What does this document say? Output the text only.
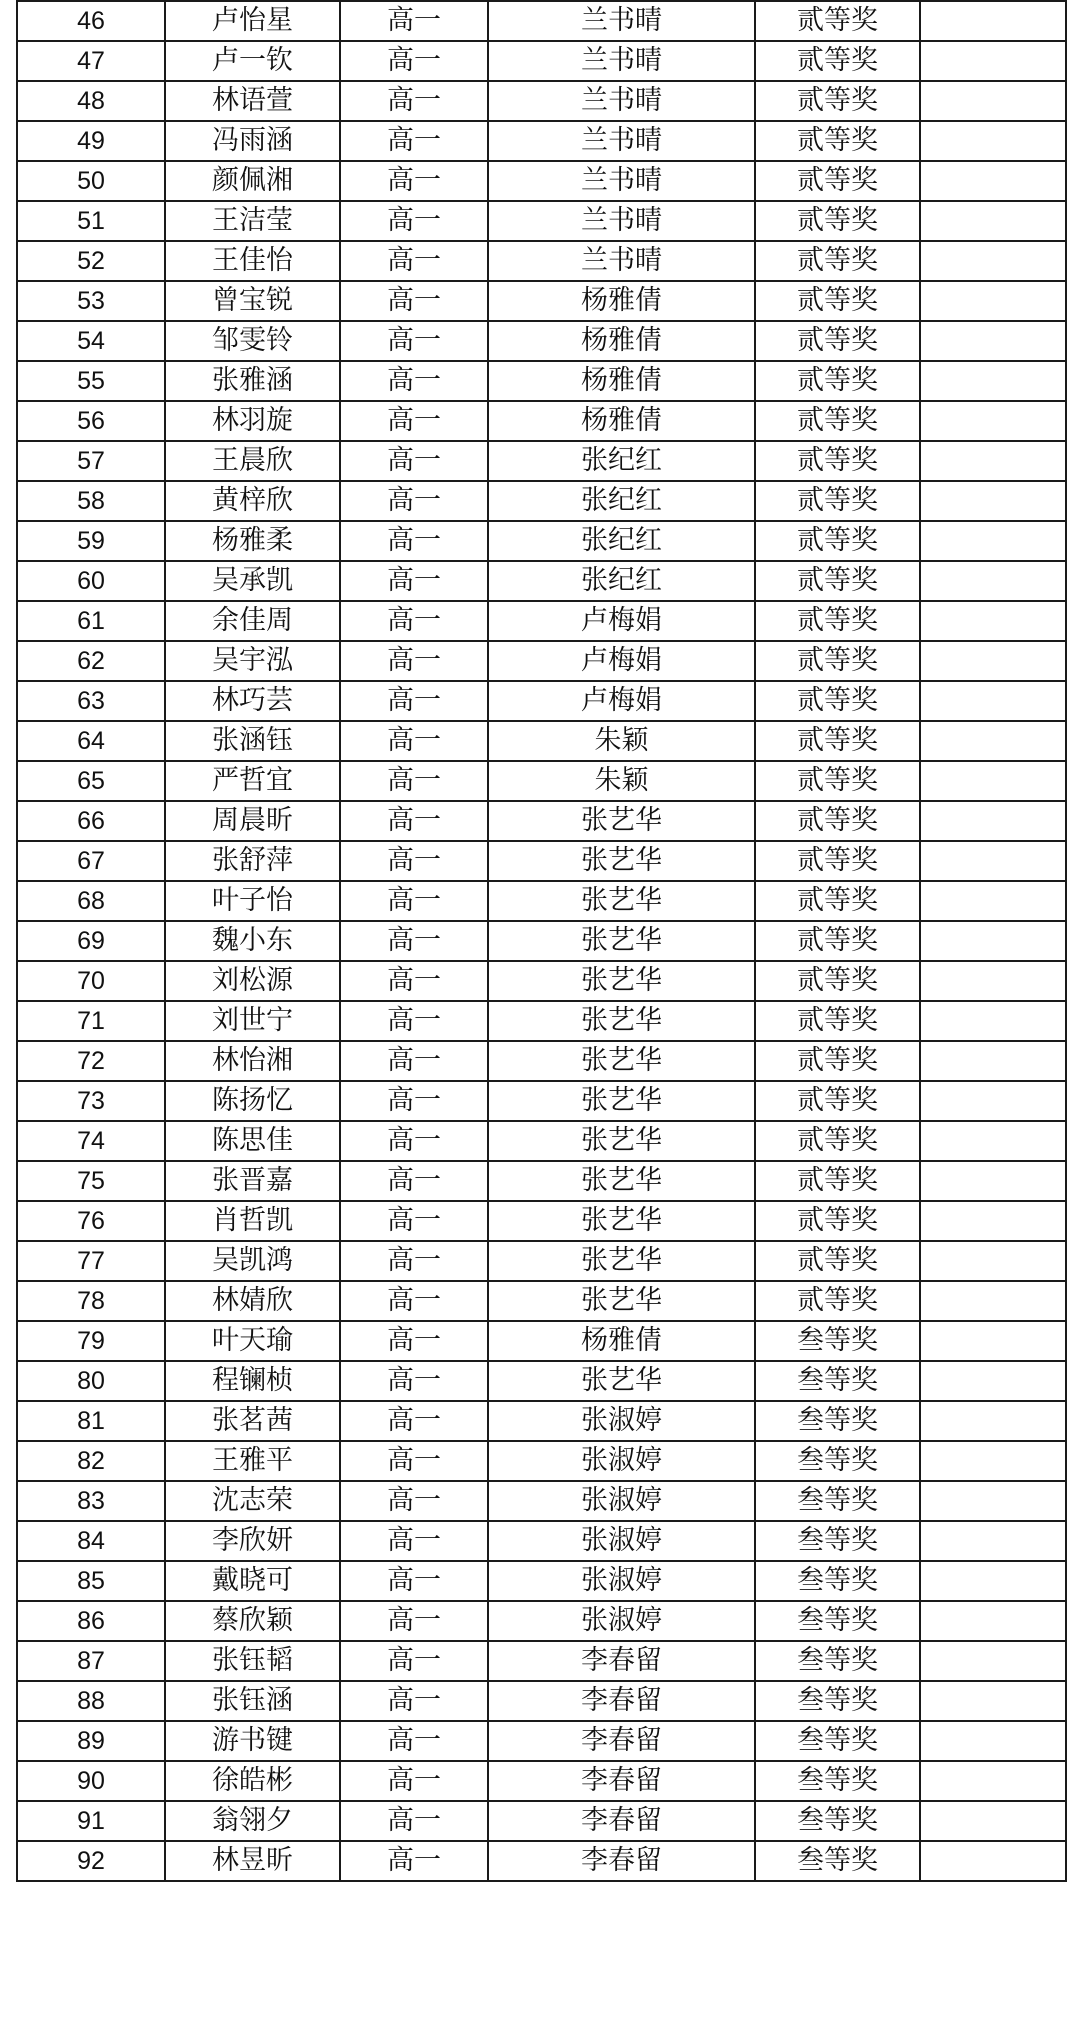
46	卢怡星	高一	兰书晴	贰等奖	
47	卢一钦	高一	兰书晴	贰等奖	
48	林语萱	高一	兰书晴	贰等奖	
49	冯雨涵	高一	兰书晴	贰等奖	
50	颜佩湘	高一	兰书晴	贰等奖	
51	王洁莹	高一	兰书晴	贰等奖	
52	王佳怡	高一	兰书晴	贰等奖	
53	曾宝锐	高一	杨雅倩	贰等奖	
54	邹雯铃	高一	杨雅倩	贰等奖	
55	张雅涵	高一	杨雅倩	贰等奖	
56	林羽旋	高一	杨雅倩	贰等奖	
57	王晨欣	高一	张纪红	贰等奖	
58	黄梓欣	高一	张纪红	贰等奖	
59	杨雅柔	高一	张纪红	贰等奖	
60	吴承凯	高一	张纪红	贰等奖	
61	余佳周	高一	卢梅娟	贰等奖	
62	吴宇泓	高一	卢梅娟	贰等奖	
63	林巧芸	高一	卢梅娟	贰等奖	
64	张涵钰	高一	朱颖	贰等奖	
65	严哲宜	高一	朱颖	贰等奖	
66	周晨昕	高一	张艺华	贰等奖	
67	张舒萍	高一	张艺华	贰等奖	
68	叶子怡	高一	张艺华	贰等奖	
69	魏小东	高一	张艺华	贰等奖	
70	刘松源	高一	张艺华	贰等奖	
71	刘世宁	高一	张艺华	贰等奖	
72	林怡湘	高一	张艺华	贰等奖	
73	陈扬忆	高一	张艺华	贰等奖	
74	陈思佳	高一	张艺华	贰等奖	
75	张晋嘉	高一	张艺华	贰等奖	
76	肖哲凯	高一	张艺华	贰等奖	
77	吴凯鸿	高一	张艺华	贰等奖	
78	林婧欣	高一	张艺华	贰等奖	
79	叶天瑜	高一	杨雅倩	叁等奖	
80	程镧桢	高一	张艺华	叁等奖	
81	张茗茜	高一	张淑婷	叁等奖	
82	王雅平	高一	张淑婷	叁等奖	
83	沈志荣	高一	张淑婷	叁等奖	
84	李欣妍	高一	张淑婷	叁等奖	
85	戴晓可	高一	张淑婷	叁等奖	
86	蔡欣颖	高一	张淑婷	叁等奖	
87	张钰韬	高一	李春留	叁等奖	
88	张钰涵	高一	李春留	叁等奖	
89	游书键	高一	李春留	叁等奖	
90	徐皓彬	高一	李春留	叁等奖	
91	翁翎夕	高一	李春留	叁等奖	
92	林昱昕	高一	李春留	叁等奖	
